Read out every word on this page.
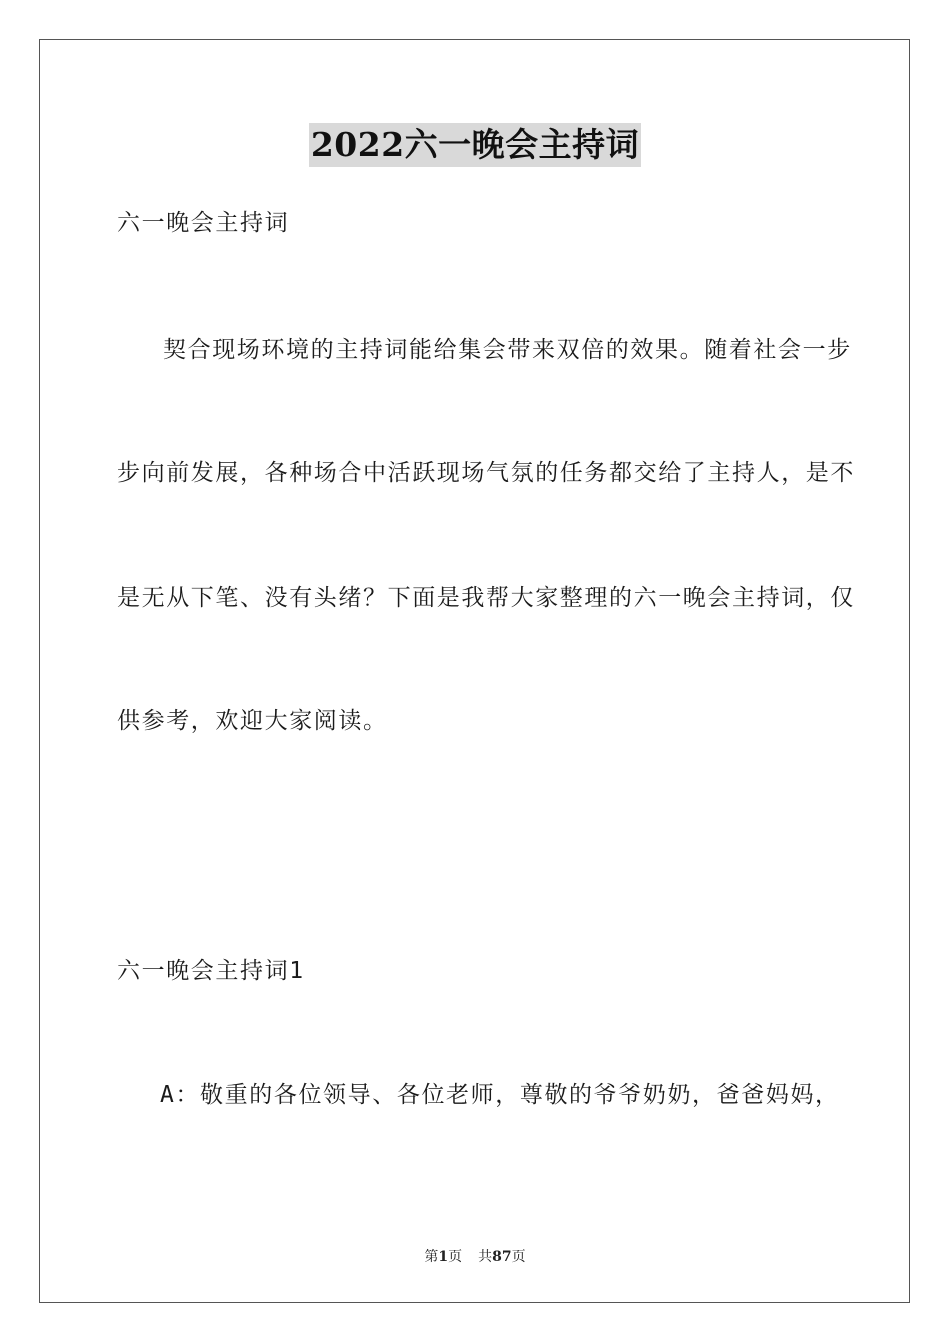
2022六一晚会主持词
六一晚会主持词
契合现场环境的主持词能给集会带来双倍的效果。随着社会一步
步向前发展，各种场合中活跃现场气氛的任务都交给了主持人，是不
是无从下笔、没有头绪？下面是我帮大家整理的六一晚会主持词，仅
供参考，欢迎大家阅读。
六一晚会主持词1
A：敬重的各位领导、各位老师，尊敬的爷爷奶奶，爸爸妈妈，
第1页 共87页
